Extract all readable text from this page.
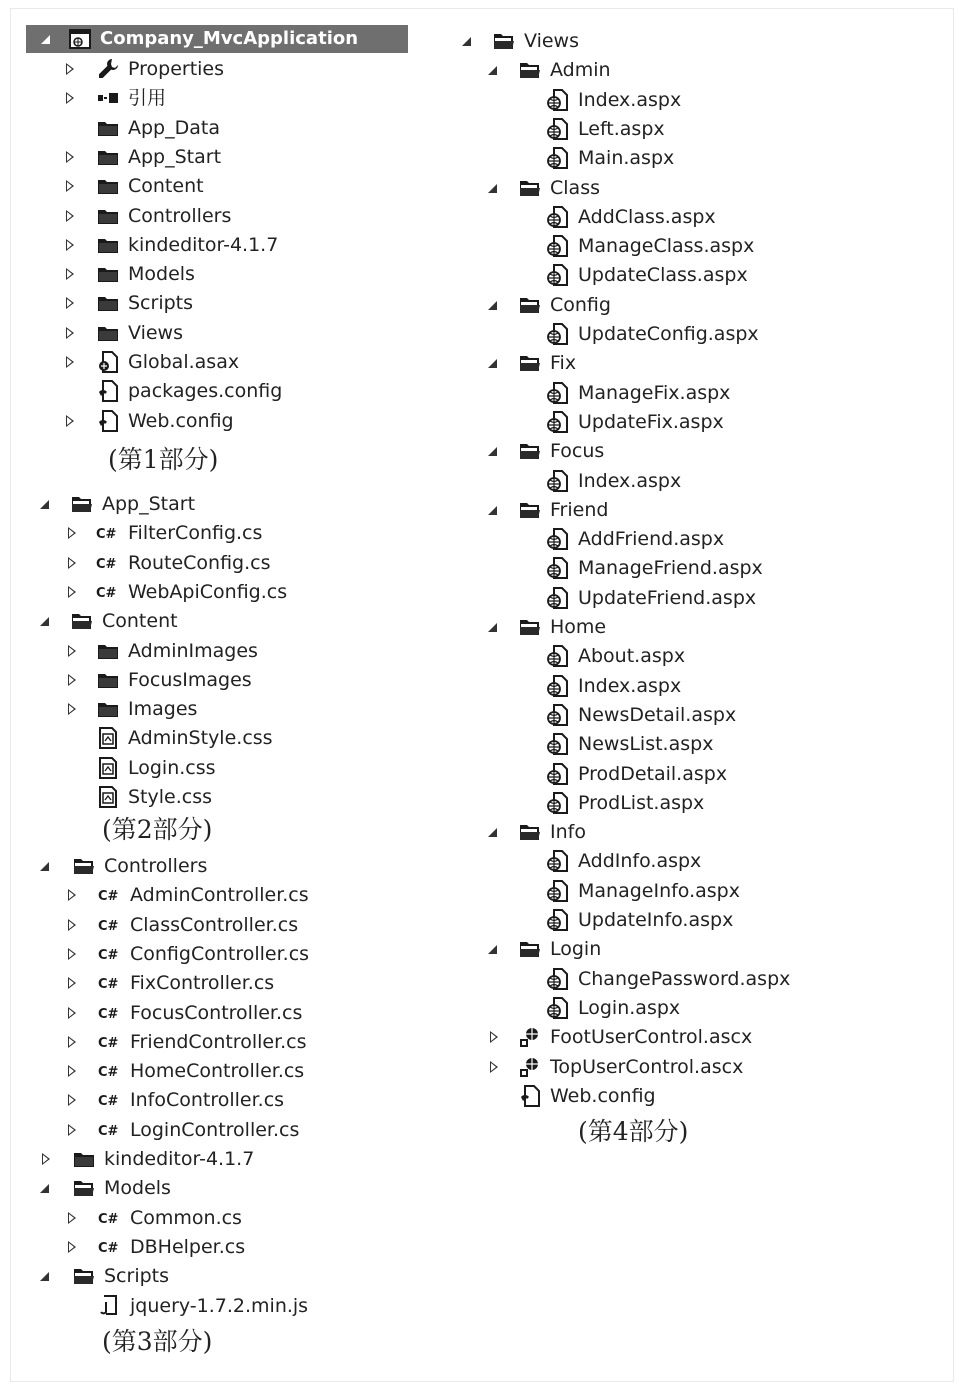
Company_MvcApplication
Properties
引用
App_Data
App_Start
Content
Controllers
kindeditor-4.1.7
Models
Scripts
Views
Global.asax
packages.config
Web.config
(第1部分)
App_Start
C# FilterConfig.cs
C# RouteConfig.cs
C# WebApiConfig.cs
Content
AdminImages
FocusImages
Images
AdminStyle.css
Login.css
Style.css
(第2部分)
Controllers
C# AdminController.cs
C# ClassController.cs
C# ConfigController.cs
C# FixController.cs
C# FocusController.cs
C# FriendController.cs
C# HomeController.cs
C# InfoController.cs
C# LoginController.cs
kindeditor-4.1.7
Models
C# Common.cs
C# DBHelper.cs
Scripts
jquery-1.7.2.min.js
(第3部分)
Views
Admin
Index.aspx
Left.aspx
Main.aspx
Class
AddClass.aspx
ManageClass.aspx
UpdateClass.aspx
Config
UpdateConfig.aspx
Fix
ManageFix.aspx
UpdateFix.aspx
Focus
Index.aspx
Friend
AddFriend.aspx
ManageFriend.aspx
UpdateFriend.aspx
Home
About.aspx
Index.aspx
NewsDetail.aspx
NewsList.aspx
ProdDetail.aspx
ProdList.aspx
Info
AddInfo.aspx
ManageInfo.aspx
UpdateInfo.aspx
Login
ChangePassword.aspx
Login.aspx
FootUserControl.ascx
TopUserControl.ascx
Web.config
(第4部分)
